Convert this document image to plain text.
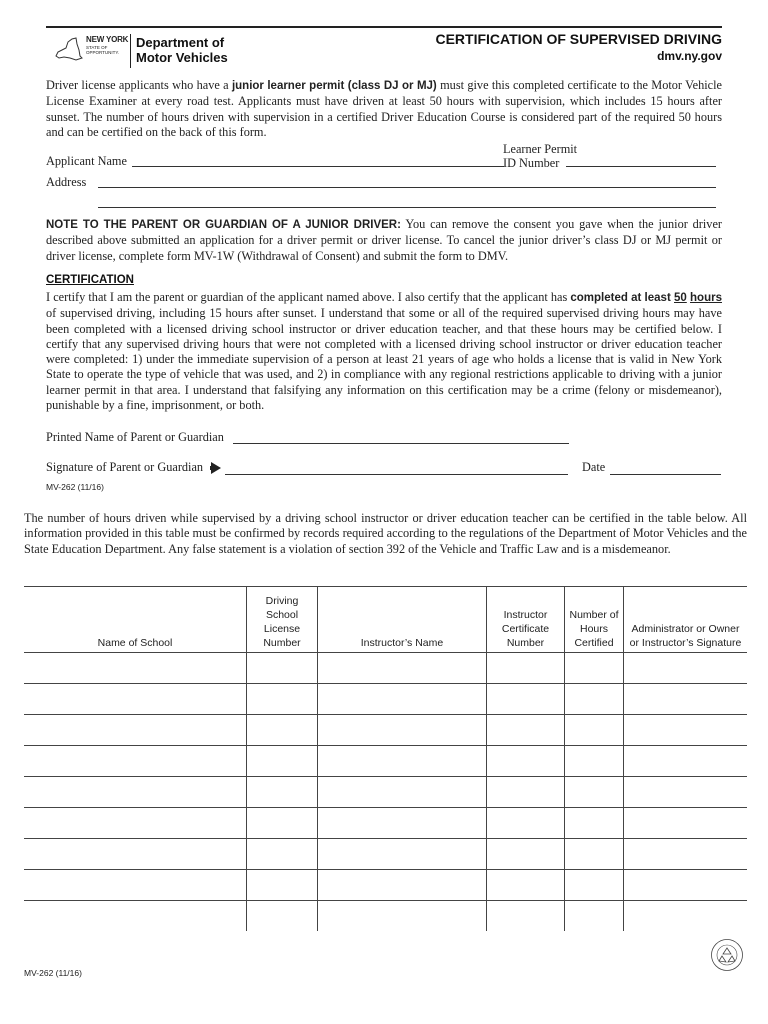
NEW YORK
STATE OF
OPPORTUNITY.
Department of
Motor Vehicles
CERTIFICATION OF SUPERVISED DRIVING
dmv.ny.gov
Driver license applicants who have a junior learner permit (class DJ or MJ) must give this completed certificate to the Motor Vehicle License Examiner at every road test. Applicants must have driven at least 50 hours with supervision, which includes 15 hours after sunset. The number of hours driven with supervision in a certified Driver Education Course is considered part of the required 50 hours and can be certified on the back of this form.
Applicant Name
Learner Permit
ID Number
Address
NOTE TO THE PARENT OR GUARDIAN OF A JUNIOR DRIVER: You can remove the consent you gave when the junior driver described above submitted an application for a driver permit or driver license. To cancel the junior driver’s class DJ or MJ permit or driver license, complete form MV-1W (Withdrawal of Consent) and submit the form to DMV.
CERTIFICATION
I certify that I am the parent or guardian of the applicant named above. I also certify that the applicant has completed at least 50 hours of supervised driving, including 15 hours after sunset. I understand that some or all of the required supervised driving hours may have been completed with a licensed driving school instructor or driver education teacher, and that these hours may be certified below. I certify that any supervised driving hours that were not completed with a licensed driving school instructor or driver education teacher were completed: 1) under the immediate supervision of a person at least 21 years of age who holds a license that is valid in New York State to operate the type of vehicle that was used, and 2) in compliance with any regional restrictions applicable to driving with a junior learner permit in that area. I understand that falsifying any information on this certification may be a crime (felony or misdemeanor), punishable by a fine, imprisonment, or both.
Printed Name of Parent or Guardian
Signature of Parent or Guardian	Date
MV-262 (11/16)
The number of hours driven while supervised by a driving school instructor or driver education teacher can be certified in the table below. All information provided in this table must be confirmed by records required according to the regulations of the Department of Motor Vehicles and the State Education Department. Any false statement is a violation of section 392 of the Vehicle and Traffic Law and is a misdemeanor.
Name of School	Driving School License Number	Instructor’s Name	Instructor Certificate Number	Number of Hours Certified	Administrator or Owner or Instructor’s Signature

MV-262 (11/16)
